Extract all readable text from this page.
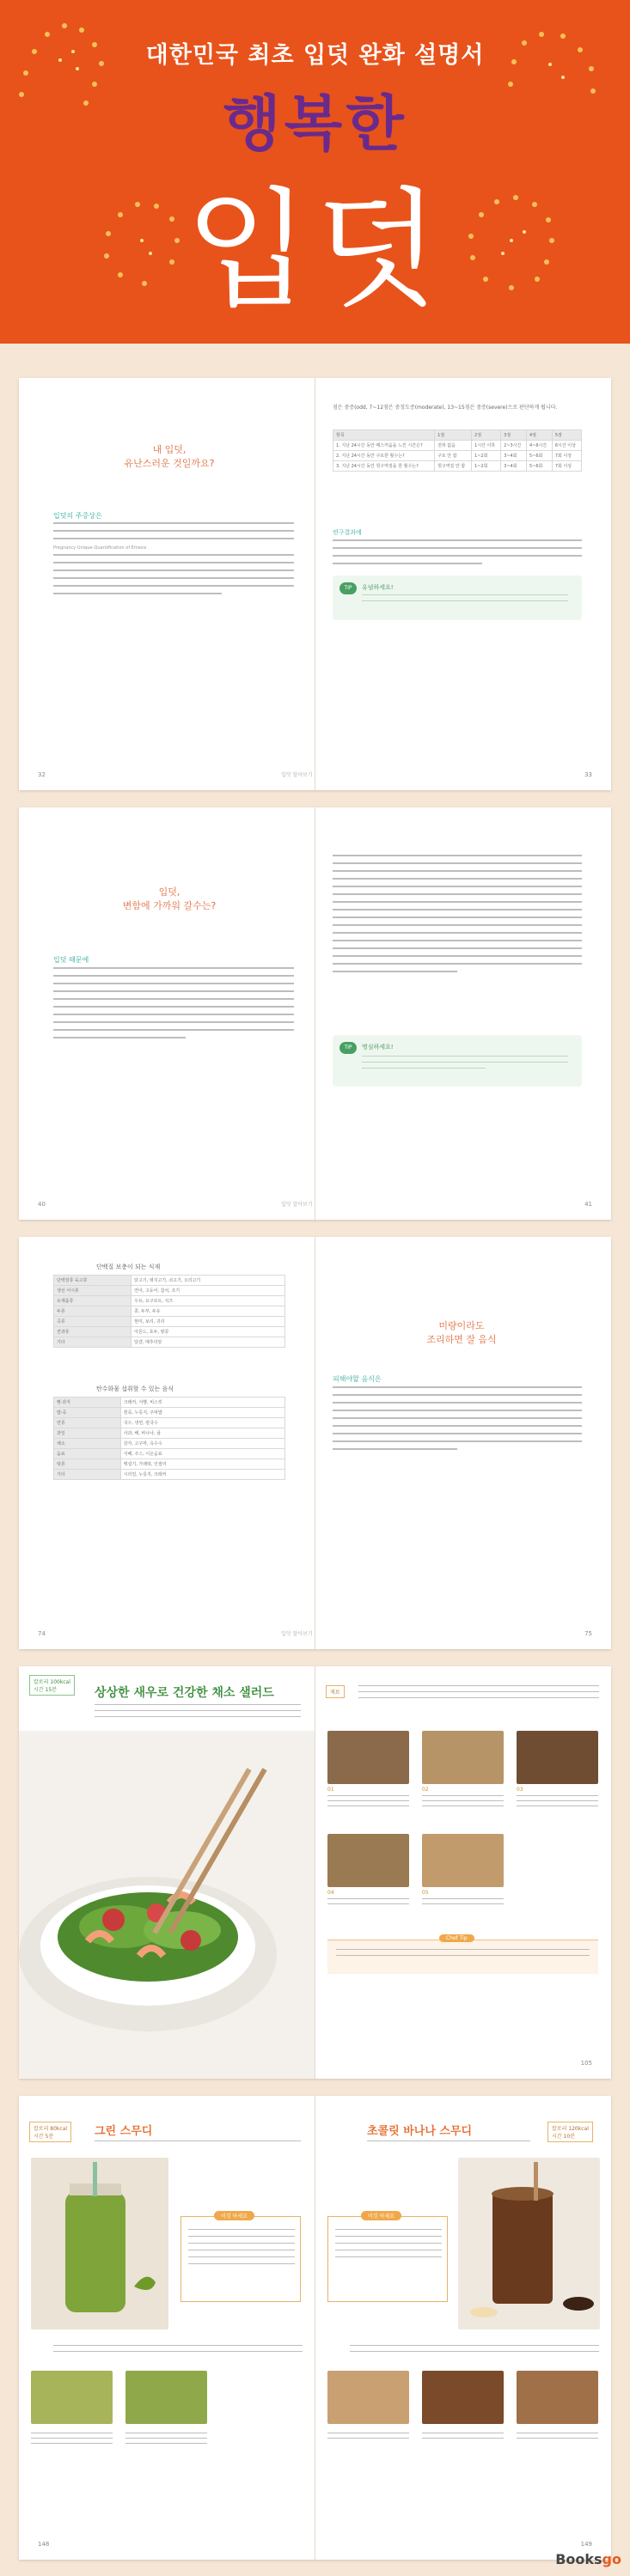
대한민국 최초 입덧 완화 설명서
행복한
입덧
내 입덧,
유난스러운 것일까요?
입덧의 주증상은
Pregnancy Unique-Quantification of Emesis
32
점은 중증(odd, 7~12점은 중정도증(moderate), 13~15점은 중증(severe)으로 판단하게 됩니다.
항목	1점	2점	3점	4점	5점
1. 지난 24시간 동안 메스꺼움을 느낀 시간은?	전혀 없음	1시간 이하	2~3시간	4~6시간	6시간 이상
2. 지난 24시간 동안 구토한 횟수는?	구토 안 함	1~2회	3~4회	5~6회	7회 이상
3. 지난 24시간 동안 헛구역질을 한 횟수는?	헛구역질 안 함	1~2회	3~4회	5~6회	7회 이상
연구결과에
TIP	유념하세요!
입덧 알아보기	33
입덧,
변함에 가까워 갈수는?
입덧 때문에
40
TIP	명심하세요!
입덧 알아보기	41
단백질 보충이 되는 식재
단백질류 육고류	닭고기, 돼지고기, 쇠고기, 오리고기
생선 어시류	연어, 고등어, 참치, 조기
유제품류	우유, 요구르트, 치즈
두류	콩, 두부, 두유
곡류	현미, 보리, 귀리
견과류	아몬드, 호두, 땅콩
기타	달걀, 메추리알
탄수화물 섭취할 수 있는 음식
빵·과자	크래커, 식빵, 비스킷
밥·죽	흰죽, 누룽지, 주먹밥
면류	국수, 냉면, 칼국수
과일	사과, 배, 바나나, 귤
채소	감자, 고구마, 옥수수
음료	식혜, 주스, 이온음료
떡류	백설기, 가래떡, 인절미
기타	시리얼, 누룽지, 크래커
74
미량이라도
조리하면 잘 음식
피해야할 음식은
입덧 알아보기	75
칼로리 100kcal
시간 15분	상상한 새우로 건강한 채소 샐러드	재료
01	02	03
04	05
Chef Tip
105
칼로리 80kcal
시간 5분	그린 스무디
이것 아세요
148
초콜릿 바나나 스무디	칼로리 120kcal
시간 10분
이것 아세요
149
Booksgo
